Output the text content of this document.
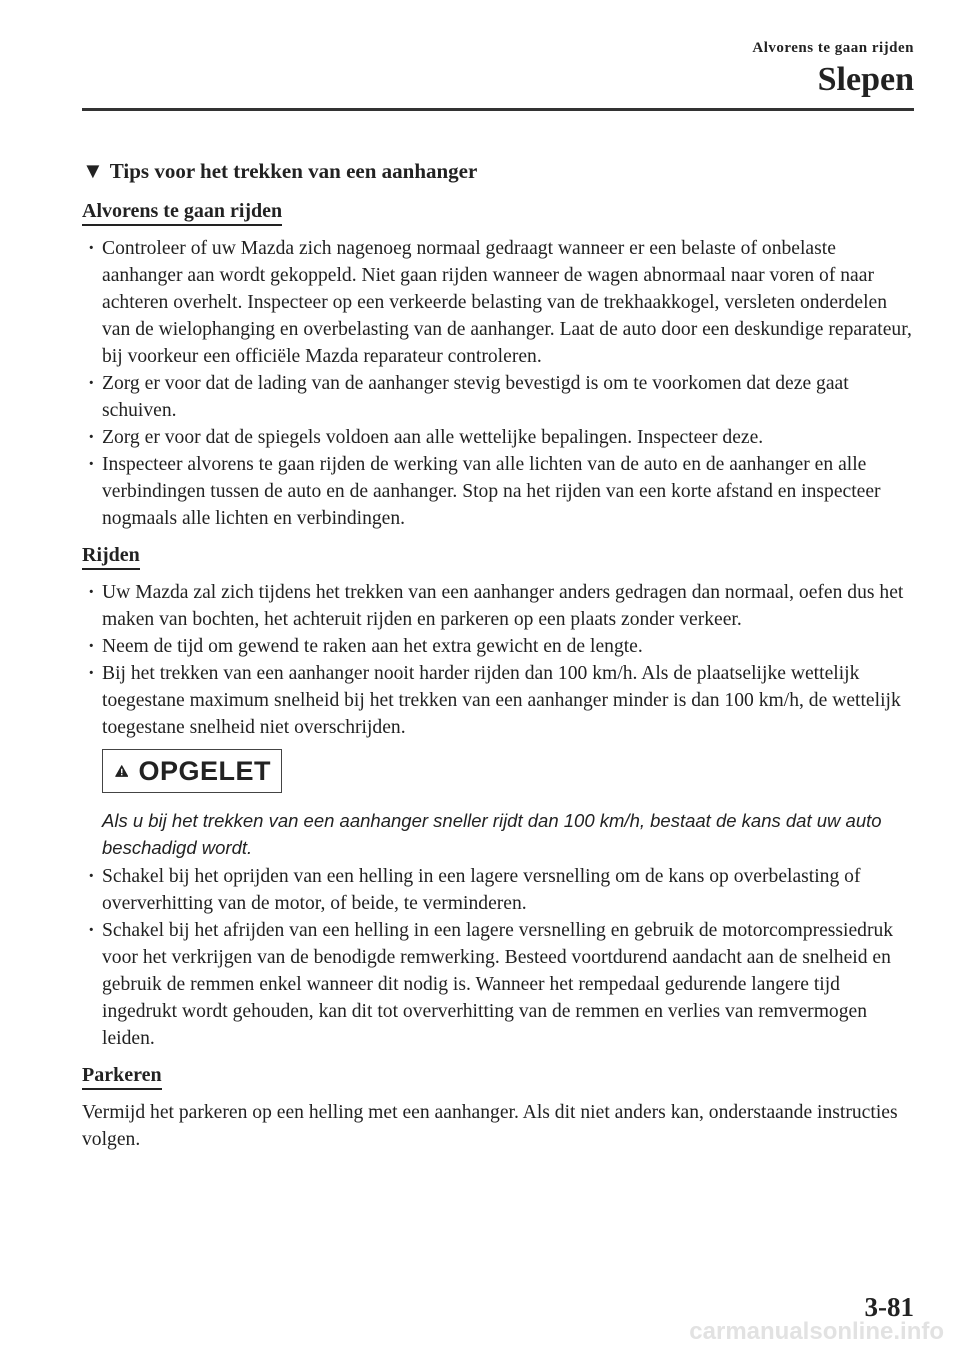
Alvorens te gaan rijden
Slepen
▼ Tips voor het trekken van een aanhanger
Alvorens te gaan rijden
· Controleer of uw Mazda zich nagenoeg normaal gedraagt wanneer er een belaste of onbelaste aanhanger aan wordt gekoppeld. Niet gaan rijden wanneer de wagen abnormaal naar voren of naar achteren overhelt. Inspecteer op een verkeerde belasting van de trekhaakkogel, versleten onderdelen van de wielophanging en overbelasting van de aanhanger. Laat de auto door een deskundige reparateur, bij voorkeur een officiële Mazda reparateur controleren.
· Zorg er voor dat de lading van de aanhanger stevig bevestigd is om te voorkomen dat deze gaat schuiven.
· Zorg er voor dat de spiegels voldoen aan alle wettelijke bepalingen. Inspecteer deze.
· Inspecteer alvorens te gaan rijden de werking van alle lichten van de auto en de aanhanger en alle verbindingen tussen de auto en de aanhanger. Stop na het rijden van een korte afstand en inspecteer nogmaals alle lichten en verbindingen.
Rijden
· Uw Mazda zal zich tijdens het trekken van een aanhanger anders gedragen dan normaal, oefen dus het maken van bochten, het achteruit rijden en parkeren op een plaats zonder verkeer.
· Neem de tijd om gewend te raken aan het extra gewicht en de lengte.
· Bij het trekken van een aanhanger nooit harder rijden dan 100 km/h. Als de plaatselijke wettelijk toegestane maximum snelheid bij het trekken van een aanhanger minder is dan 100 km/h, de wettelijk toegestane snelheid niet overschrijden.
OPGELET

Als u bij het trekken van een aanhanger sneller rijdt dan 100 km/h, bestaat de kans dat uw auto beschadigd wordt.

· Schakel bij het oprijden van een helling in een lagere versnelling om de kans op overbelasting of oververhitting van de motor, of beide, te verminderen.
· Schakel bij het afrijden van een helling in een lagere versnelling en gebruik de motorcompressiedruk voor het verkrijgen van de benodigde remwerking. Besteed voortdurend aandacht aan de snelheid en gebruik de remmen enkel wanneer dit nodig is. Wanneer het rempedaal gedurende langere tijd ingedrukt wordt gehouden, kan dit tot oververhitting van de remmen en verlies van remvermogen leiden.
Parkeren

Vermijd het parkeren op een helling met een aanhanger. Als dit niet anders kan, onderstaande instructies volgen.

3-81
carmanualsonline.info
